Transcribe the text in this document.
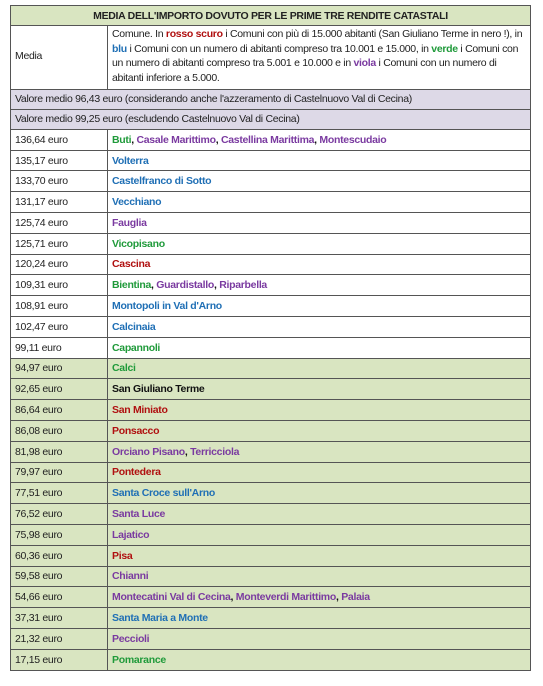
MEDIA DELL'IMPORTO DOVUTO PER LE PRIME TRE RENDITE CATASTALI	
Media	Comune. In rosso scuro i Comuni con più di 15.000 abitanti (San Giuliano Terme in nero !), in blu i Comuni con un numero di abitanti compreso tra 10.001 e 15.000, in verde i Comuni con un numero di abitanti compreso tra 5.001 e 10.000 e in viola i Comuni con un numero di abitanti inferiore a 5.000.
Valore medio 96,43 euro (considerando anche l'azzeramento di Castelnuovo Val di Cecina)	
Valore medio 99,25 euro (escludendo Castelnuovo Val di Cecina)	
136,64 euro	Buti, Casale Marittimo, Castellina Marittima, Montescudaio
135,17 euro	Volterra
133,70 euro	Castelfranco di Sotto
131,17 euro	Vecchiano
125,74 euro	Fauglia
125,71 euro	Vicopisano
120,24 euro	Cascina
109,31 euro	Bientina, Guardistallo, Riparbella
108,91 euro	Montopoli in Val d'Arno
102,47 euro	Calcinaia
99,11 euro	Capannoli
94,97 euro	Calci
92,65 euro	San Giuliano Terme
86,64 euro	San Miniato
86,08 euro	Ponsacco
81,98 euro	Orciano Pisano, Terricciola
79,97 euro	Pontedera
77,51 euro	Santa Croce sull'Arno
76,52 euro	Santa Luce
75,98 euro	Lajatico
60,36 euro	Pisa
59,58 euro	Chianni
54,66 euro	Montecatini Val di Cecina, Monteverdi Marittimo, Palaia
37,31 euro	Santa Maria a Monte
21,32 euro	Peccioli
17,15 euro	Pomarance
